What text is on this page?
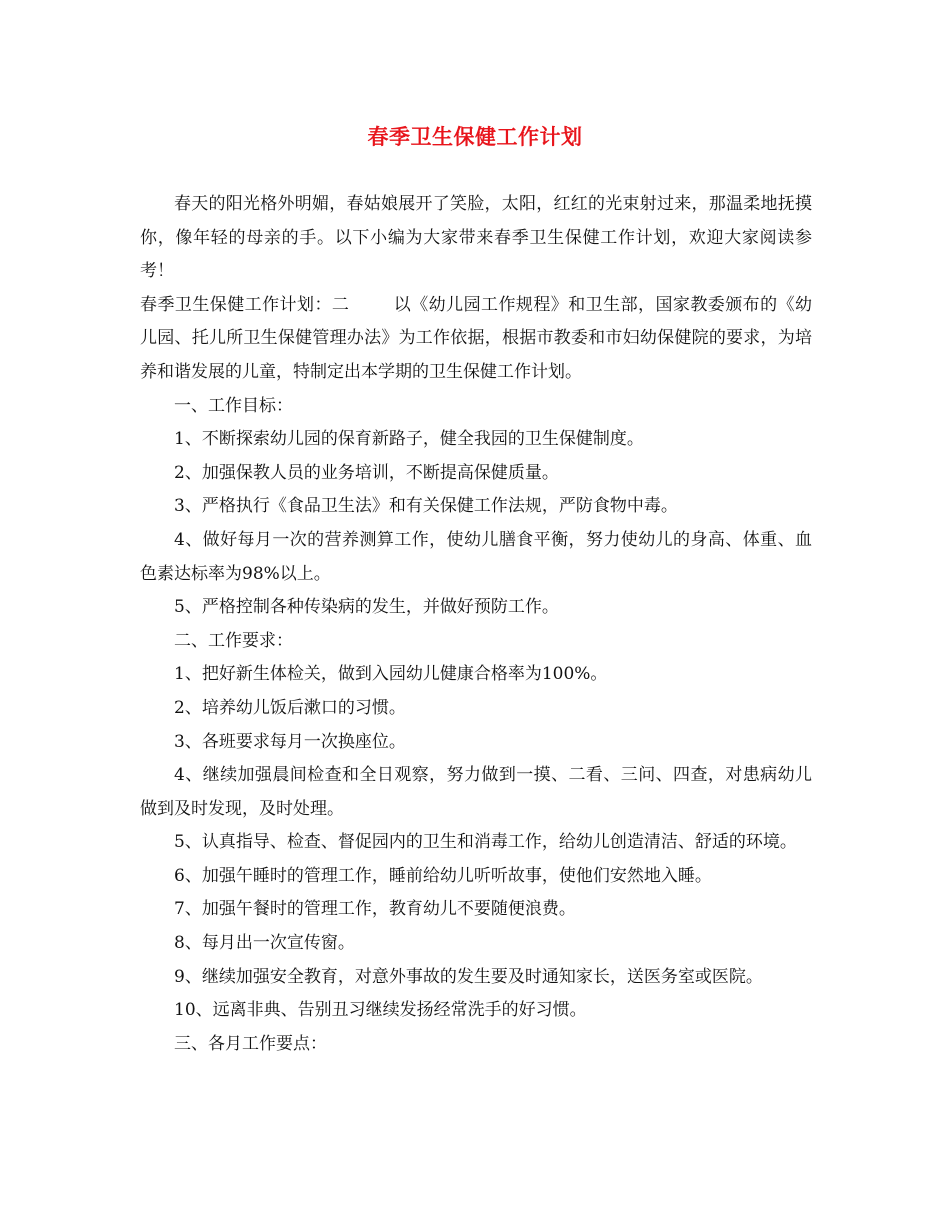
春季卫生保健工作计划

春天的阳光格外明媚，春姑娘展开了笑脸，太阳，红红的光束射过来，那温柔地抚摸你，像年轻的母亲的手。以下小编为大家带来春季卫生保健工作计划，欢迎大家阅读参考！

春季卫生保健工作计划：二	以《幼儿园工作规程》和卫生部，国家教委颁布的《幼儿园、托儿所卫生保健管理办法》为工作依据，根据市教委和市妇幼保健院的要求，为培养和谐发展的儿童，特制定出本学期的卫生保健工作计划。

一、工作目标：

1、不断探索幼儿园的保育新路子，健全我园的卫生保健制度。

2、加强保教人员的业务培训，不断提高保健质量。

3、严格执行《食品卫生法》和有关保健工作法规，严防食物中毒。

4、做好每月一次的营养测算工作，使幼儿膳食平衡，努力使幼儿的身高、体重、血色素达标率为98%以上。

5、严格控制各种传染病的发生，并做好预防工作。

二、工作要求：

1、把好新生体检关，做到入园幼儿健康合格率为100%。

2、培养幼儿饭后漱口的习惯。

3、各班要求每月一次换座位。

4、继续加强晨间检查和全日观察，努力做到一摸、二看、三问、四查，对患病幼儿做到及时发现，及时处理。

5、认真指导、检查、督促园内的卫生和消毒工作，给幼儿创造清洁、舒适的环境。

6、加强午睡时的管理工作，睡前给幼儿听听故事，使他们安然地入睡。

7、加强午餐时的管理工作，教育幼儿不要随便浪费。

8、每月出一次宣传窗。

9、继续加强安全教育，对意外事故的发生要及时通知家长，送医务室或医院。

10、远离非典、告别丑习继续发扬经常洗手的好习惯。

三、各月工作要点：
